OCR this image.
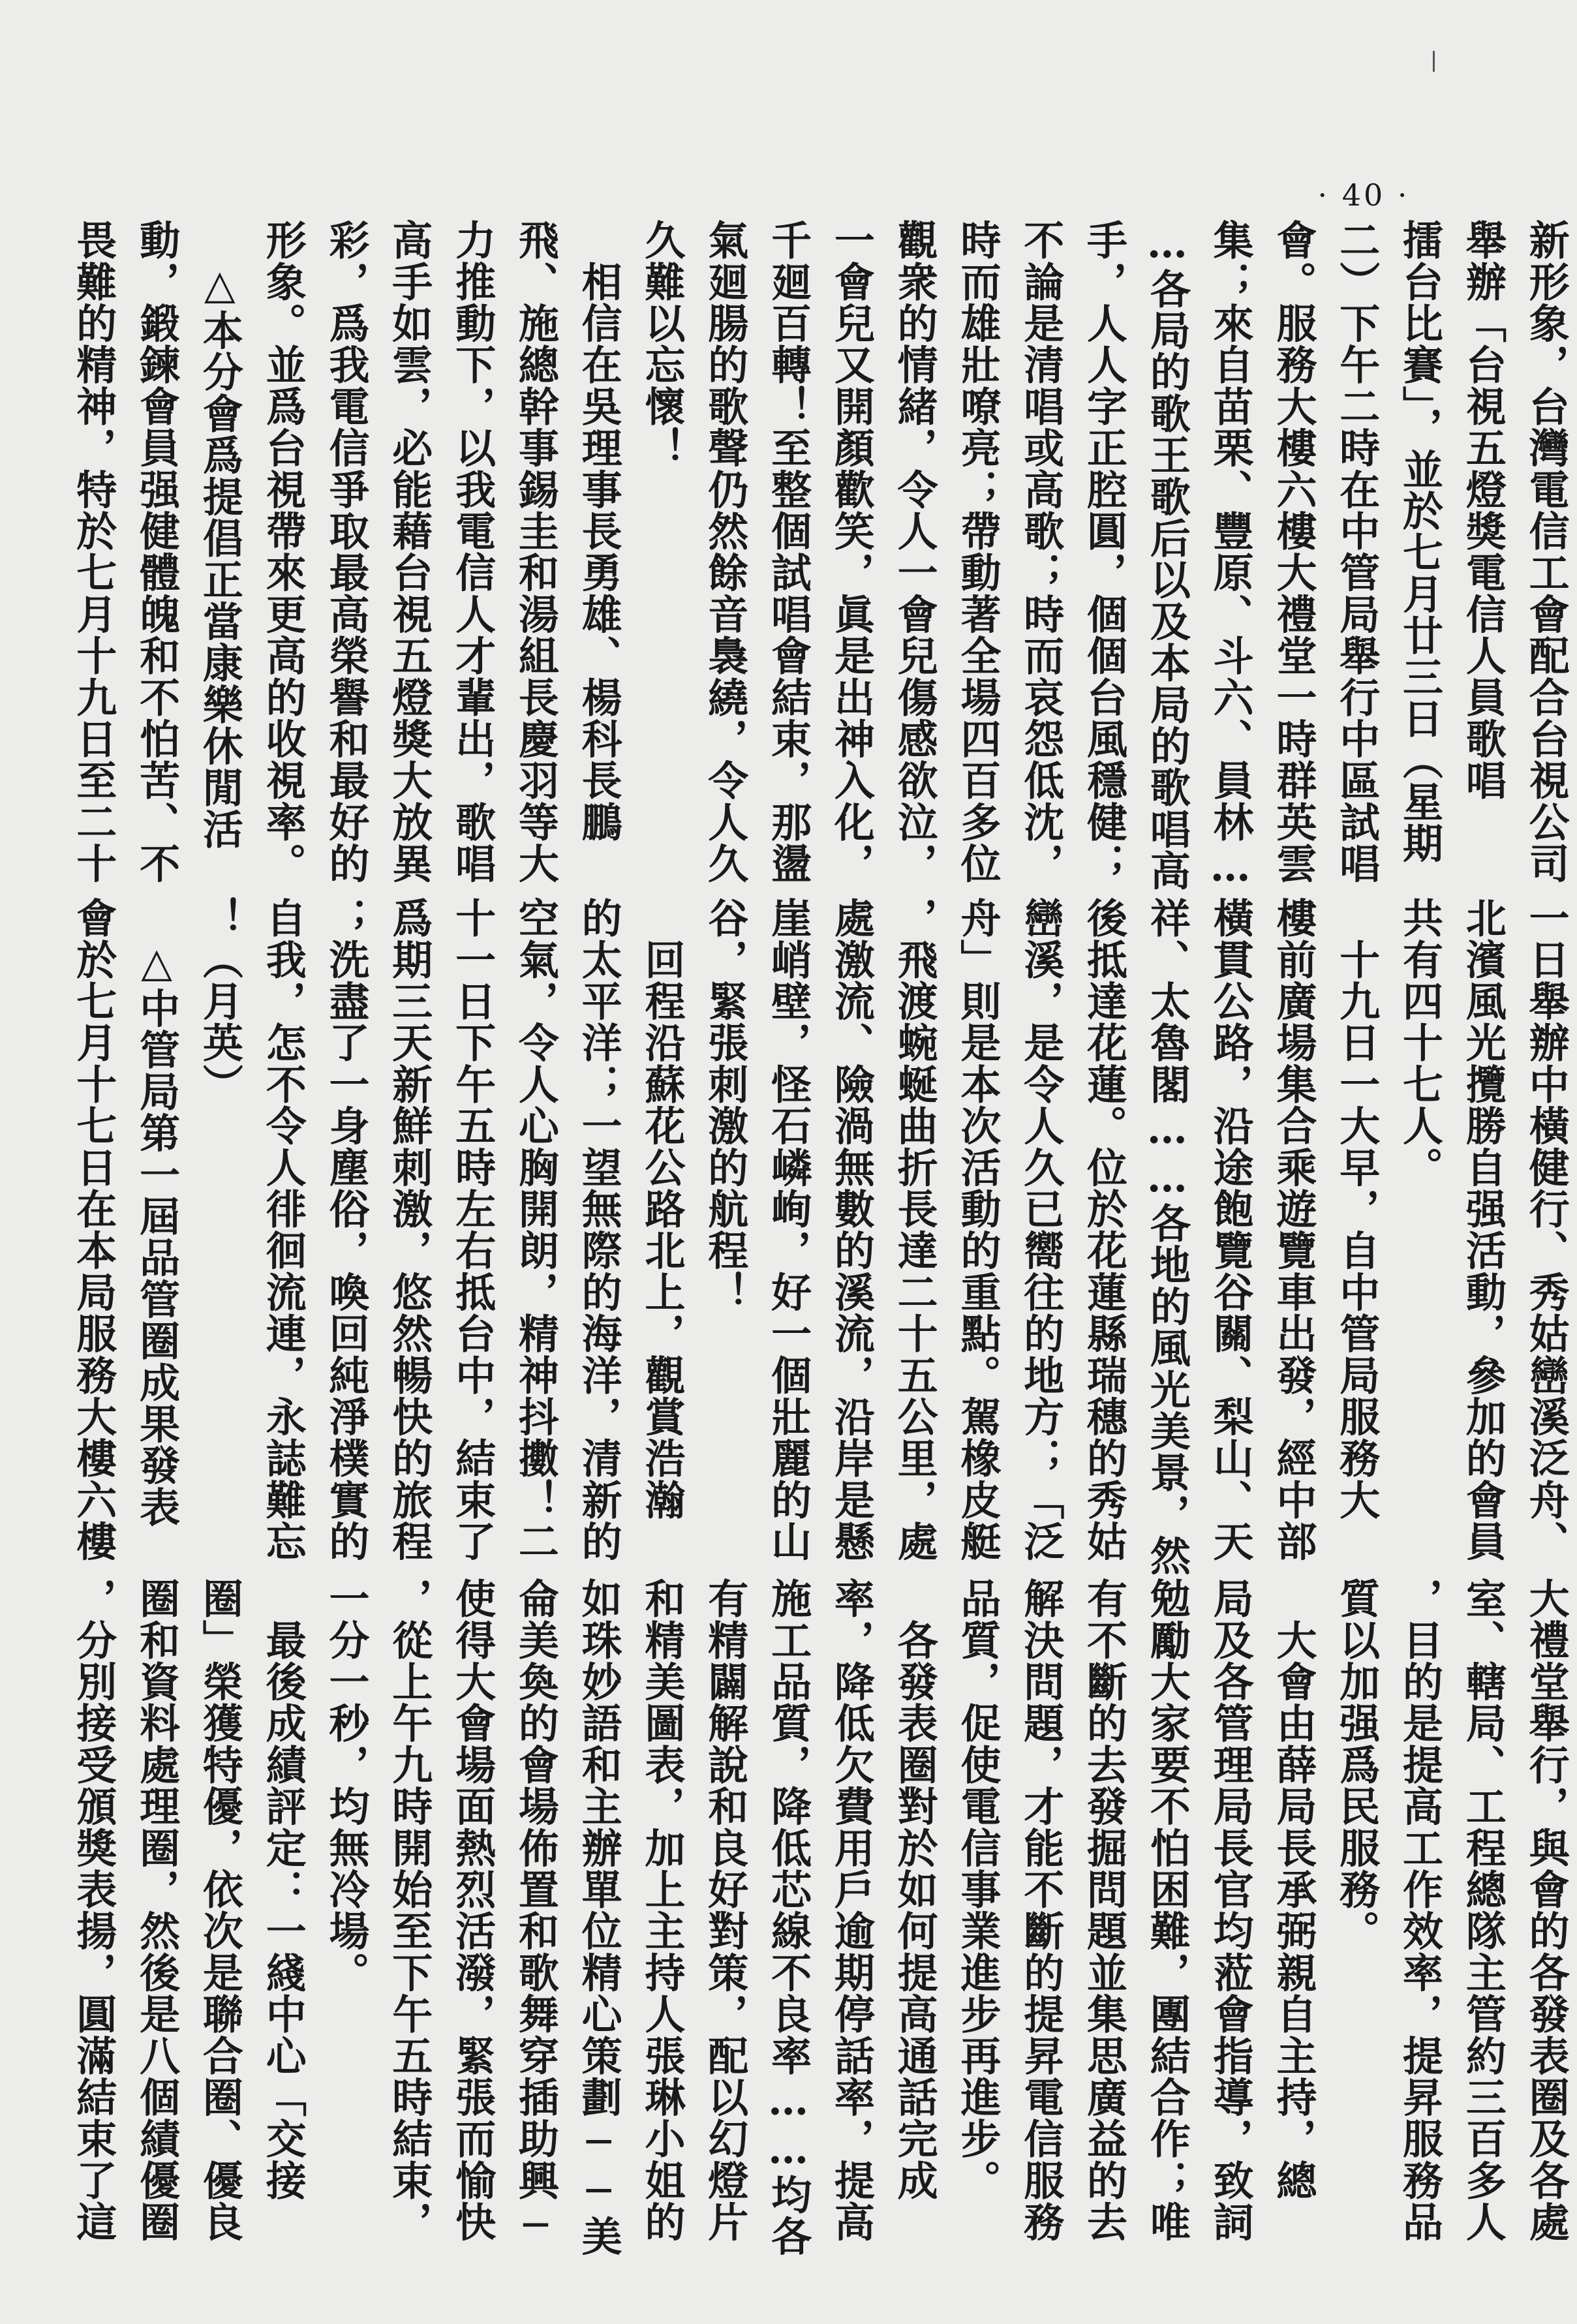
· 40 ·

新形象，台灣電信工會配合台視公司
舉辦「台視五燈獎電信人員歌唱
擂台比賽」，並於七月廿三日（星期
二）下午二時在中管局舉行中區試唱
會。服務大樓六樓大禮堂一時群英雲
集；來自苗栗、豐原、斗六、員林…
…各局的歌王歌后以及本局的歌唱高
手，人人字正腔圓，個個台風穩健；
不論是清唱或高歌；時而哀怨低沈，
時而雄壯嘹亮；帶動著全場四百多位
觀衆的情緒，令人一會兒傷感欲泣，
一會兒又開顏歡笑，眞是出神入化，
千廻百轉！至整個試唱會結束，那盪
氣廻腸的歌聲仍然餘音裊繞，令人久
久難以忘懷！
　相信在吳理事長勇雄、楊科長鵬
飛、施總幹事錫圭和湯組長慶羽等大
力推動下，以我電信人才輩出，歌唱
高手如雲，必能藉台視五燈獎大放異
彩，爲我電信爭取最高榮譽和最好的
形象。並爲台視帶來更高的收視率。
　△本分會爲提倡正當康樂休閒活
動，鍛鍊會員强健體魄和不怕苦、不
畏難的精神，特於七月十九日至二十

一日舉辦中橫健行、秀姑巒溪泛舟、
北濱風光攬勝自强活動，參加的會員
共有四十七人。
　十九日一大早，自中管局服務大
樓前廣場集合乘遊覽車出發，經中部
橫貫公路，沿途飽覽谷關、梨山、天
祥、太魯閣……各地的風光美景，然
後抵達花蓮。位於花蓮縣瑞穗的秀姑
巒溪，是令人久已嚮往的地方；「泛
舟」則是本次活動的重點。駕橡皮艇
，飛渡蜿蜒曲折長達二十五公里，處
處激流、險渦無數的溪流，沿岸是懸
崖峭壁，怪石嶙峋，好一個壯麗的山
谷，緊張刺激的航程！
　回程沿蘇花公路北上，觀賞浩瀚
的太平洋；一望無際的海洋，清新的
空氣，令人心胸開朗，精神抖擻！二
十一日下午五時左右抵台中，結束了
爲期三天新鮮刺激，悠然暢快的旅程
；洗盡了一身塵俗，喚回純淨樸實的
自我，怎不令人徘徊流連，永誌難忘
！（月英）
　△中管局第一屆品管圈成果發表
會於七月十七日在本局服務大樓六樓

大禮堂舉行，與會的各發表圈及各處
室、轄局、工程總隊主管約三百多人
，目的是提高工作效率，提昇服務品
質以加强爲民服務。
　大會由薛局長承弼親自主持，總
局及各管理局長官均蒞會指導，致詞
勉勵大家要不怕困難，團結合作；唯
有不斷的去發掘問題並集思廣益的去
解決問題，才能不斷的提昇電信服務
品質，促使電信事業進步再進步。
　各發表圈對於如何提高通話完成
率，降低欠費用戶逾期停話率，提高
施工品質，降低芯線不良率……均各
有精闢解說和良好對策，配以幻燈片
和精美圖表，加上主持人張琳小姐的
如珠妙語和主辦單位精心策劃──美
侖美奐的會場佈置和歌舞穿插助興─
使得大會場面熱烈活潑，緊張而愉快
，從上午九時開始至下午五時結束，
一分一秒，均無冷場。
　最後成績評定：一綫中心「交接
圈」榮獲特優，依次是聯合圈、優良
圈和資料處理圈，然後是八個績優圈
，分別接受頒獎表揚，圓滿結束了這
